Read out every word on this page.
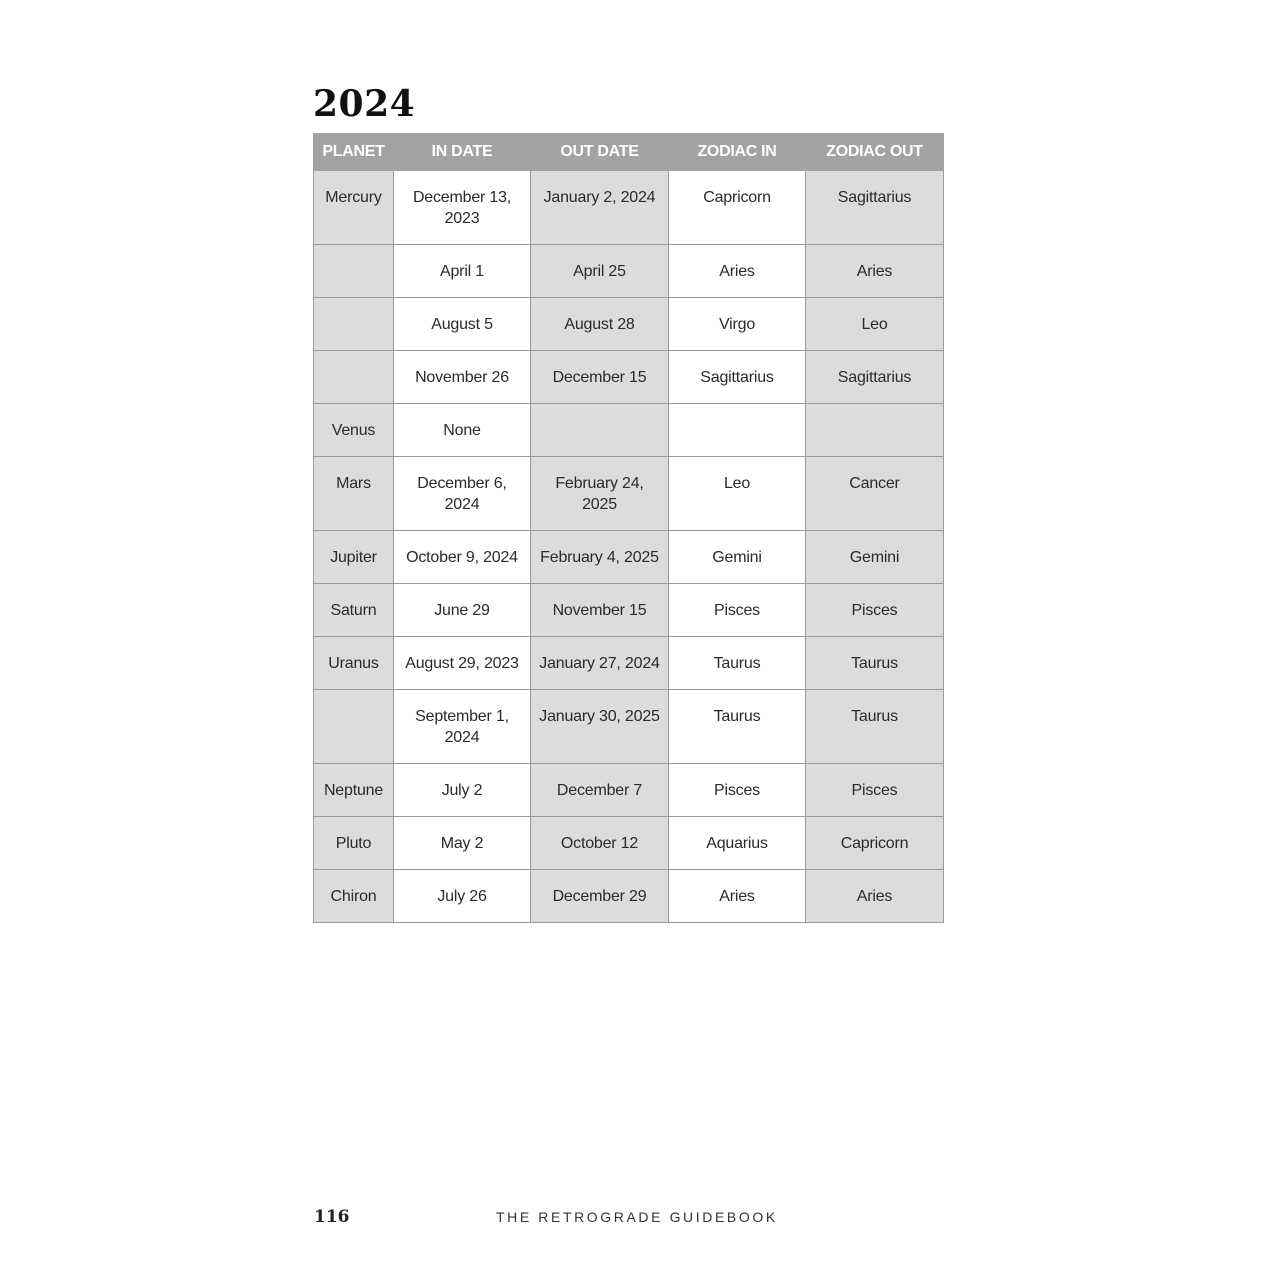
2024
PLANET	IN DATE	OUT DATE	ZODIAC IN	ZODIAC OUT
Mercury	December 13, 2023	January 2, 2024	Capricorn	Sagittarius
	April 1	April 25	Aries	Aries
	August 5	August 28	Virgo	Leo
	November 26	December 15	Sagittarius	Sagittarius
Venus	None			
Mars	December 6, 2024	February 24, 2025	Leo	Cancer
Jupiter	October 9, 2024	February 4, 2025	Gemini	Gemini
Saturn	June 29	November 15	Pisces	Pisces
Uranus	August 29, 2023	January 27, 2024	Taurus	Taurus
	September 1, 2024	January 30, 2025	Taurus	Taurus
Neptune	July 2	December 7	Pisces	Pisces
Pluto	May 2	October 12	Aquarius	Capricorn
Chiron	July 26	December 29	Aries	Aries

116	THE RETROGRADE GUIDEBOOK
